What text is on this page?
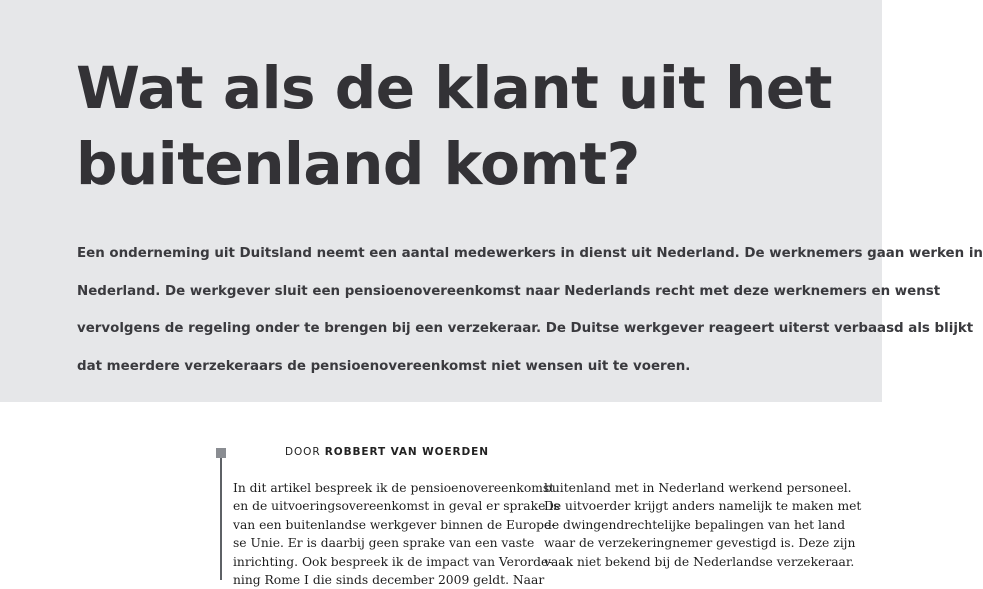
Wat als de klant uit het
buitenland komt?
Een onderneming uit Duitsland neemt een aantal medewerkers in dienst uit Nederland. De werknemers gaan werken in
Nederland. De werkgever sluit een pensioenovereenkomst naar Nederlands recht met deze werknemers en wenst
vervolgens de regeling onder te brengen bij een verzekeraar. De Duitse werkgever reageert uiterst verbaasd als blijkt
dat meerdere verzekeraars de pensioenovereenkomst niet wensen uit te voeren.

DOOR ROBBERT VAN WOERDEN

In dit artikel bespreek ik de pensioenovereenkomst
en de uitvoeringsovereenkomst in geval er sprake is
van een buitenlandse werkgever binnen de Europe-
se Unie. Er is daarbij geen sprake van een vaste
inrichting. Ook bespreek ik de impact van Verorde-
ning Rome I die sinds december 2009 geldt. Naar
buitenland met in Nederland werkend personeel.
De uitvoerder krijgt anders namelijk te maken met
de dwingendrechtelijke bepalingen van het land
waar de verzekeringnemer gevestigd is. Deze zijn
vaak niet bekend bij de Nederlandse verzekeraar.
